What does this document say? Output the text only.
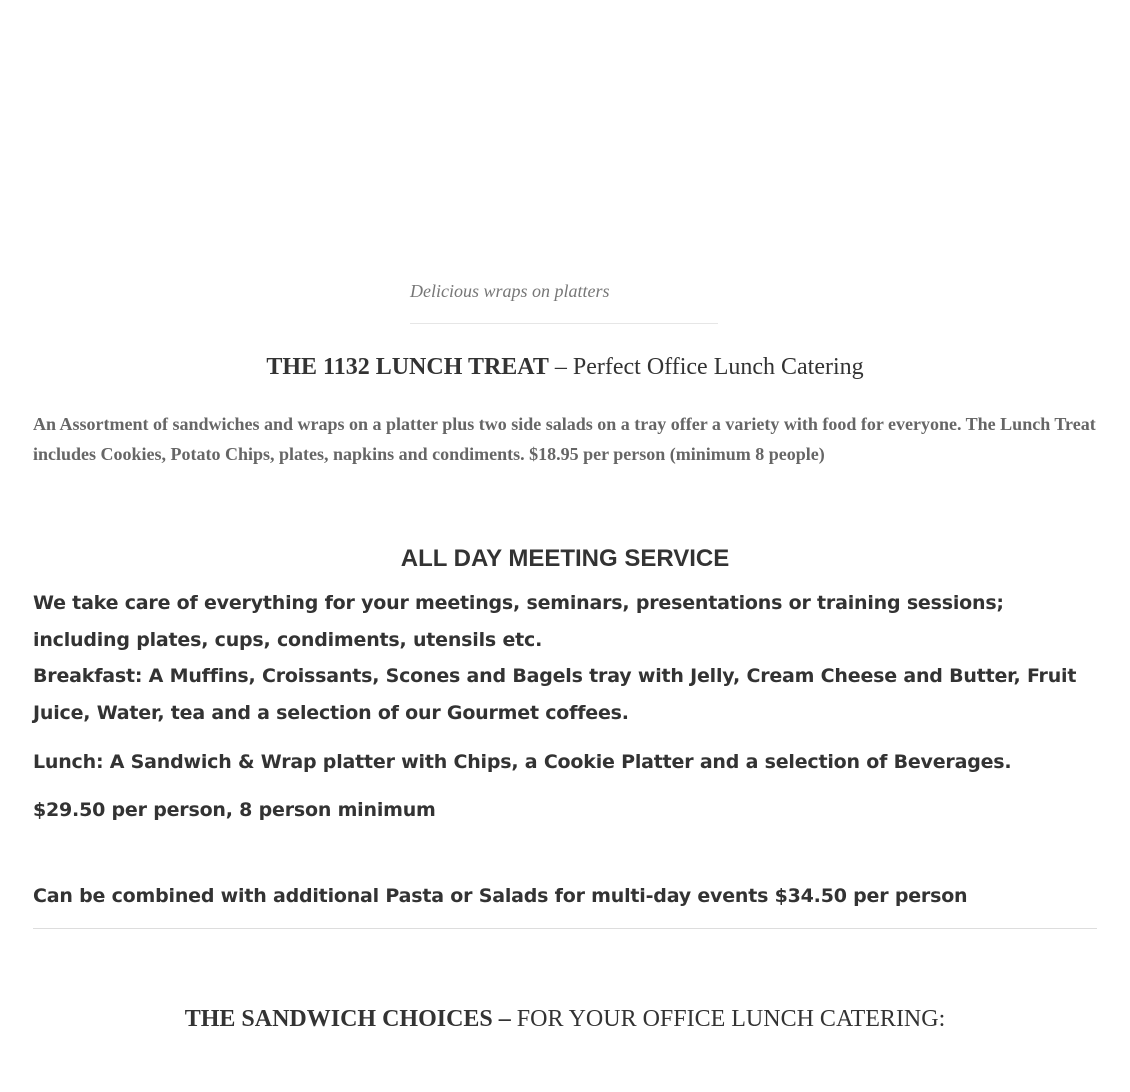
Delicious wraps on platters
THE 1132 LUNCH TREAT – Perfect Office Lunch Catering

An Assortment of sandwiches and wraps on a platter plus two side salads on a tray offer a variety with food for everyone. The Lunch Treat includes Cookies, Potato Chips, plates, napkins and condiments. $18.95 per person (minimum 8 people)

ALL DAY MEETING SERVICE

We take care of everything for your meetings, seminars, presentations or training sessions; including plates, cups, condiments, utensils etc.

Breakfast: A Muffins, Croissants, Scones and Bagels tray with Jelly, Cream Cheese and Butter, Fruit Juice, Water, tea and a selection of our Gourmet coffees.

Lunch: A Sandwich & Wrap platter with Chips, a Cookie Platter and a selection of Beverages.

$29.50 per person, 8 person minimum

Can be combined with additional Pasta or Salads for multi-day events $34.50 per person

THE SANDWICH CHOICES – FOR YOUR OFFICE LUNCH CATERING:
